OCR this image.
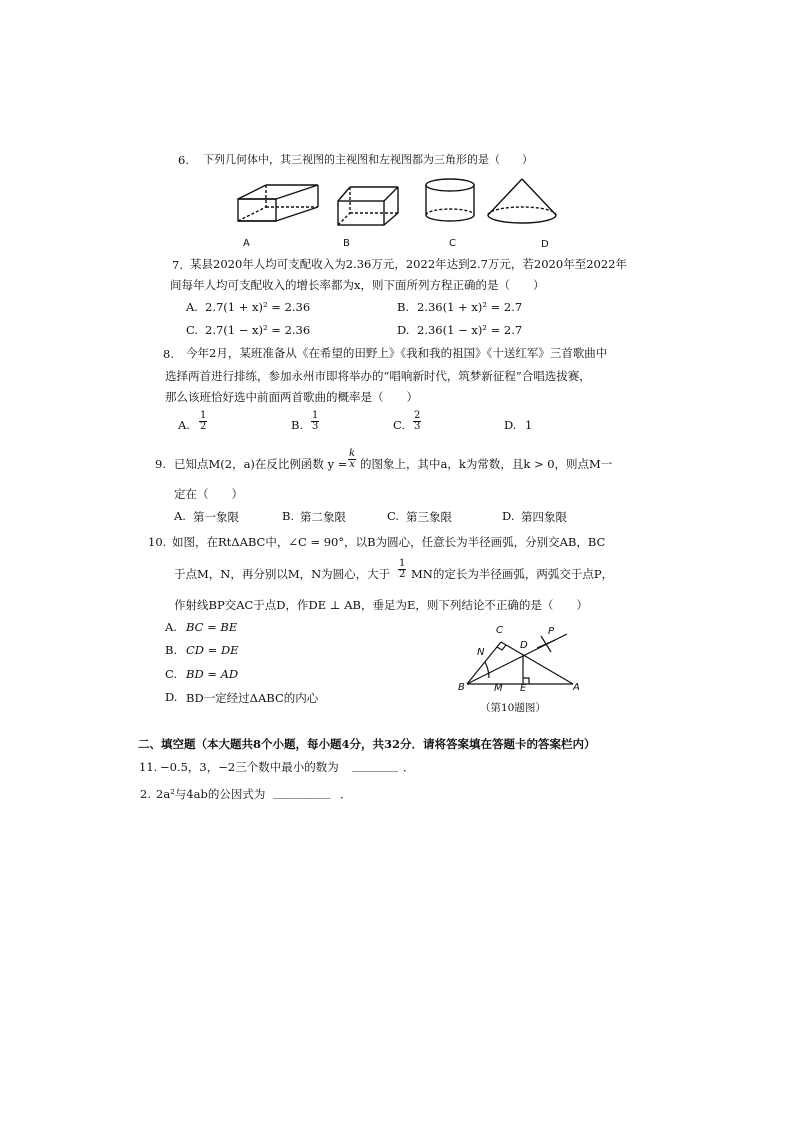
6. 下列几何体中，其三视图的主视图和左视图都为三角形的是（　　）
A	B	C	D
7. 某县2020年人均可支配收入为2.36万元，2022年达到2.7万元，若2020年至2022年
间每年人均可支配收入的增长率都为x，则下面所列方程正确的是（　　）
A. 2.7(1 + x)² = 2.36	B. 2.36(1 + x)² = 2.7
C. 2.7(1 − x)² = 2.36	D. 2.36(1 − x)² = 2.7
8. 今年2月，某班准备从《在希望的田野上》《我和我的祖国》《十送红军》三首歌曲中
选择两首进行排练，参加永州市即将举办的“唱响新时代，筑梦新征程”合唱选拔赛，
那么该班恰好选中前面两首歌曲的概率是（　　）
A. $\frac{1}{2}$	B. $\frac{1}{3}$	C. $\frac{2}{3}$	D. 1
9. 已知点M(2，a)在反比例函数 $y = \frac{k}{x}$ 的图象上，其中a，k为常数，且k > 0，则点M一
定在（　　）
A. 第一象限	B. 第二象限	C. 第三象限	D. 第四象限
10. 如图，在RtΔABC中，∠C = 90°，以B为圆心，任意长为半径画弧，分别交AB，BC
于点M，N，再分别以M，N为圆心，大于 $\frac{1}{2}$ MN的定长为半径画弧，两弧交于点P，
作射线BP交AC于点D，作DE ⊥ AB，垂足为E，则下列结论不正确的是（　　）
A. BC = BE
B. CD = DE
C. BD = AD
D. BD一定经过ΔABC的内心
C	P
N
D
B	M E	A
（第10题图）
二、填空题（本大题共8个小题，每小题4分，共32分．请将答案填在答题卡的答案栏内）
11. −0.5，3，−2三个数中最小的数为 ________ ．
2. 2a²与4ab的公因式为 __________ ．
